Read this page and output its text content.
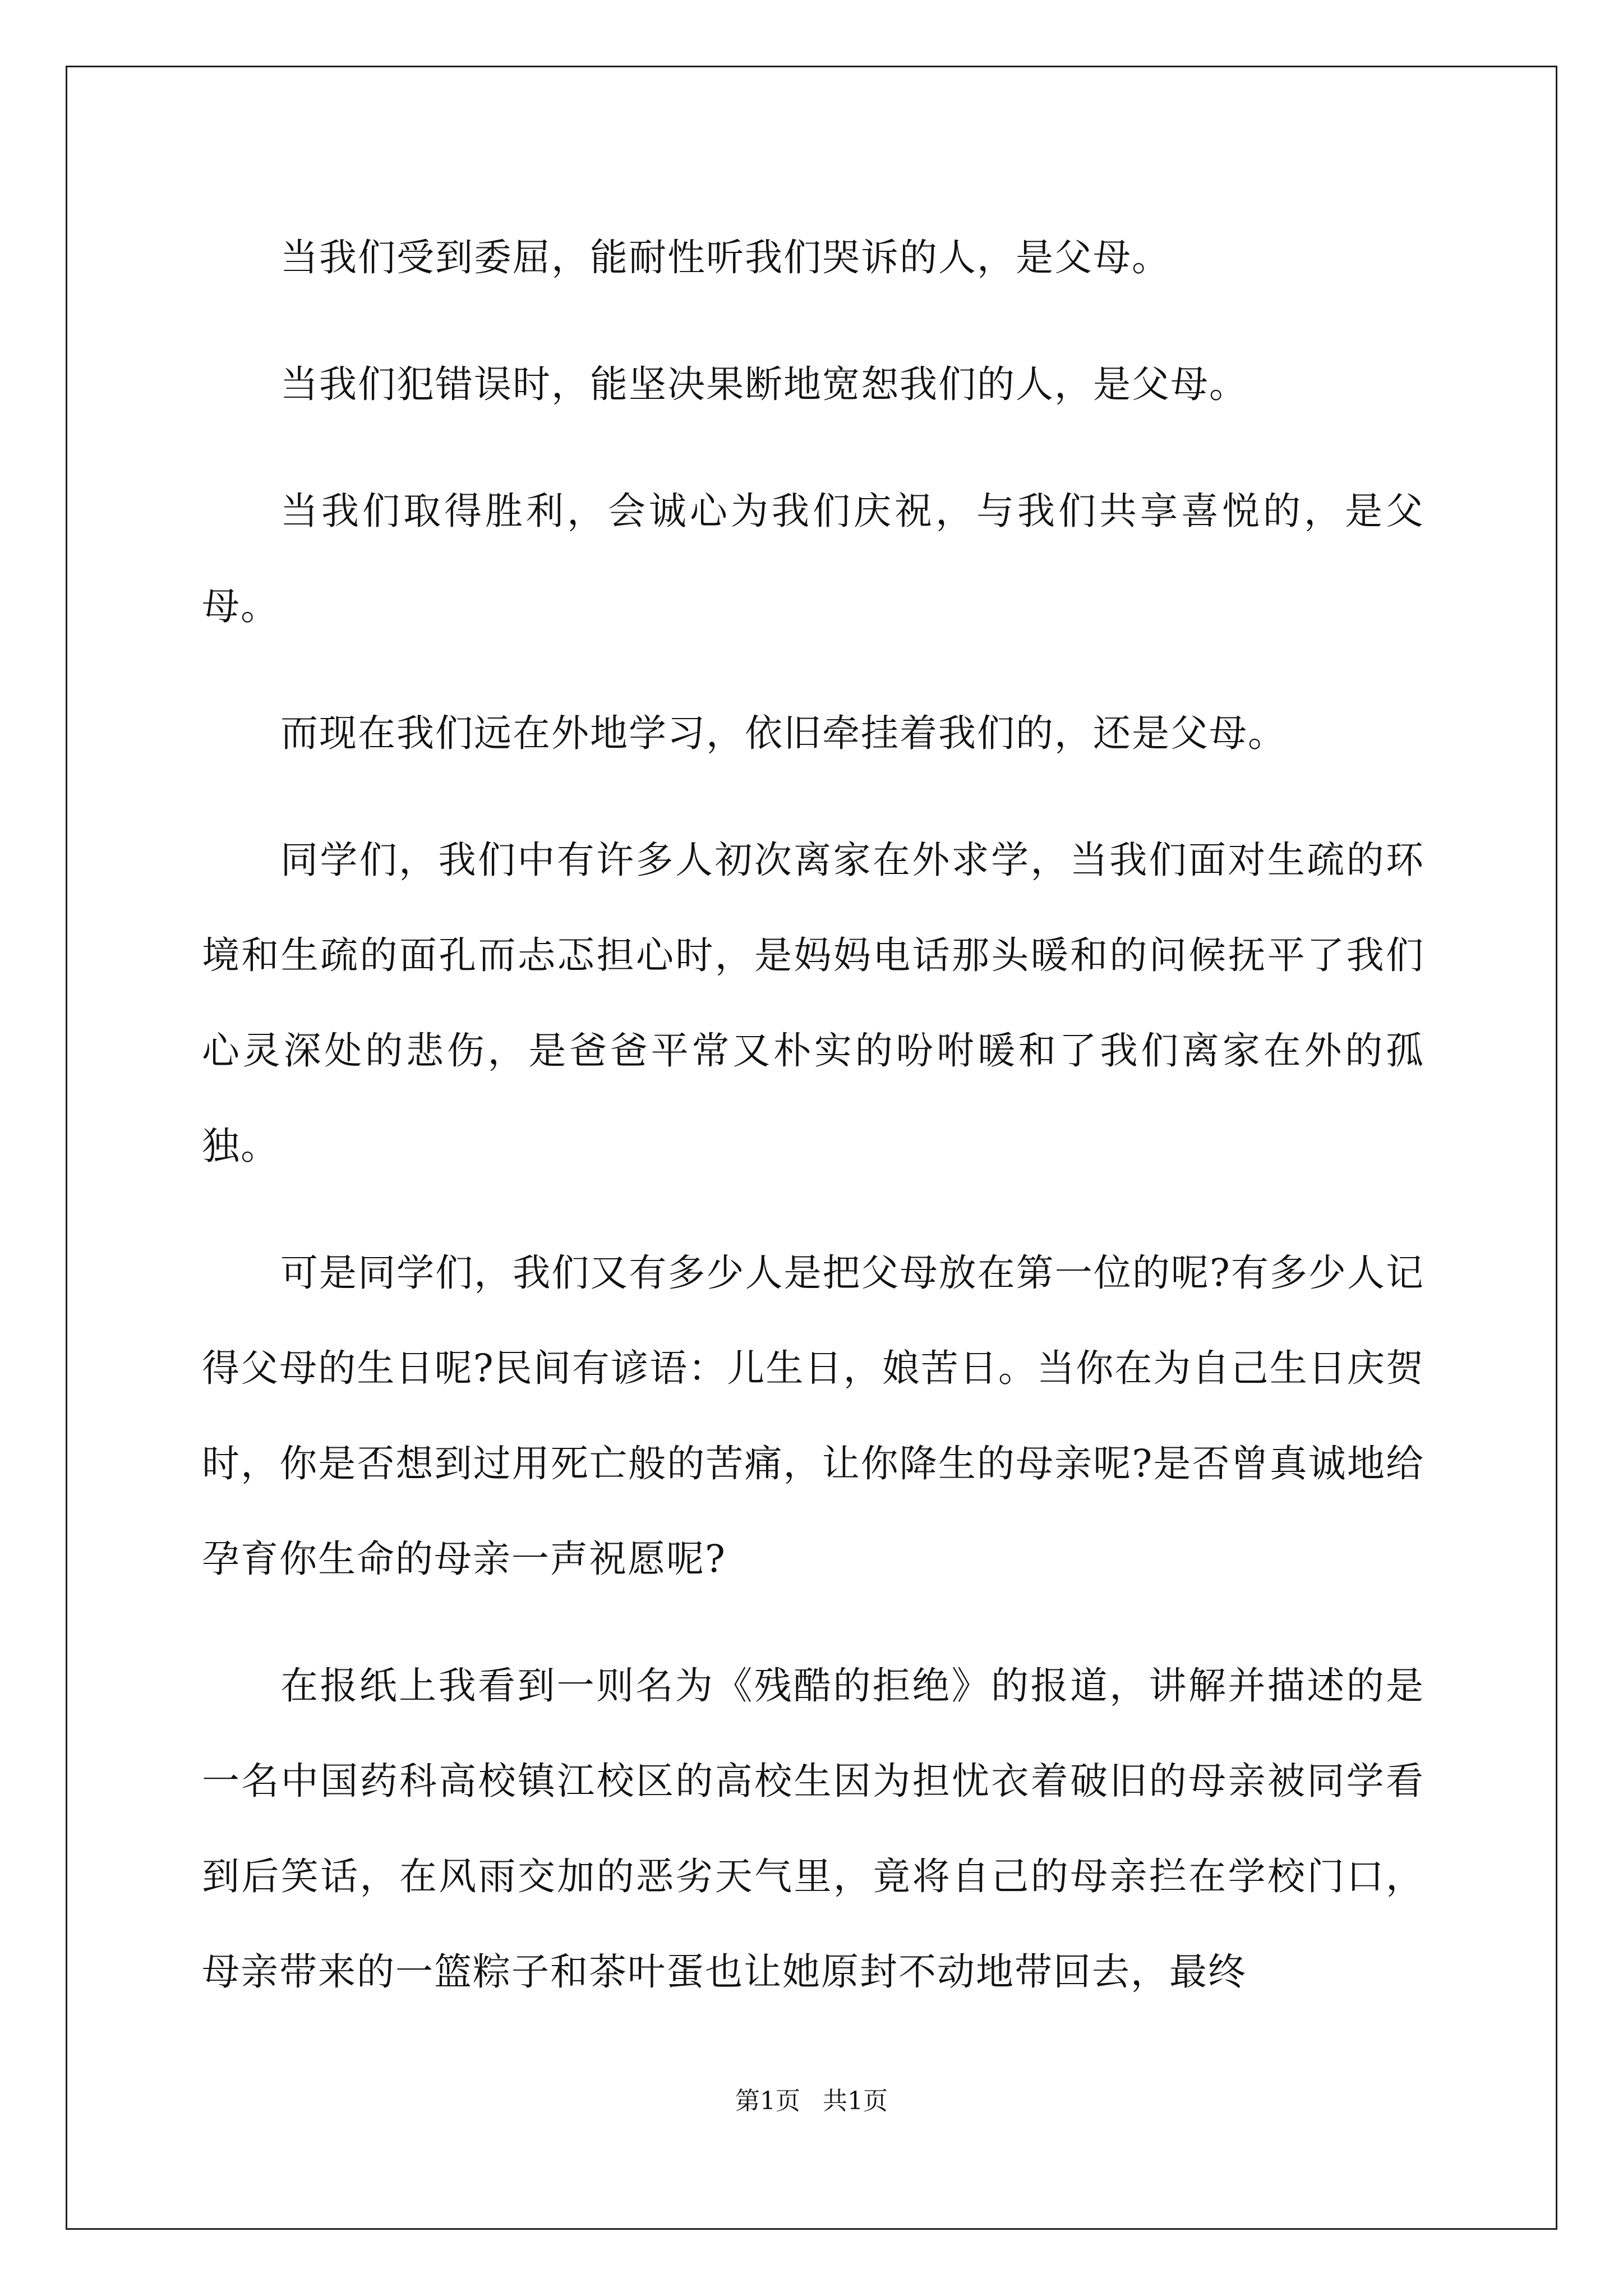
当我们受到委屈，能耐性听我们哭诉的人，是父母。

当我们犯错误时，能坚决果断地宽恕我们的人，是父母。

当我们取得胜利，会诚心为我们庆祝，与我们共享喜悦的，是父母。

而现在我们远在外地学习，依旧牵挂着我们的，还是父母。

同学们，我们中有许多人初次离家在外求学，当我们面对生疏的环境和生疏的面孔而忐忑担心时，是妈妈电话那头暖和的问候抚平了我们心灵深处的悲伤，是爸爸平常又朴实的吩咐暖和了我们离家在外的孤独。

可是同学们，我们又有多少人是把父母放在第一位的呢?有多少人记得父母的生日呢?民间有谚语：儿生日，娘苦日。当你在为自己生日庆贺时，你是否想到过用死亡般的苦痛，让你降生的母亲呢?是否曾真诚地给孕育你生命的母亲一声祝愿呢?

在报纸上我看到一则名为《残酷的拒绝》的报道，讲解并描述的是一名中国药科高校镇江校区的高校生因为担忧衣着破旧的母亲被同学看到后笑话，在风雨交加的恶劣天气里，竟将自己的母亲拦在学校门口，母亲带来的一篮粽子和茶叶蛋也让她原封不动地带回去，最终

第1页 共1页
